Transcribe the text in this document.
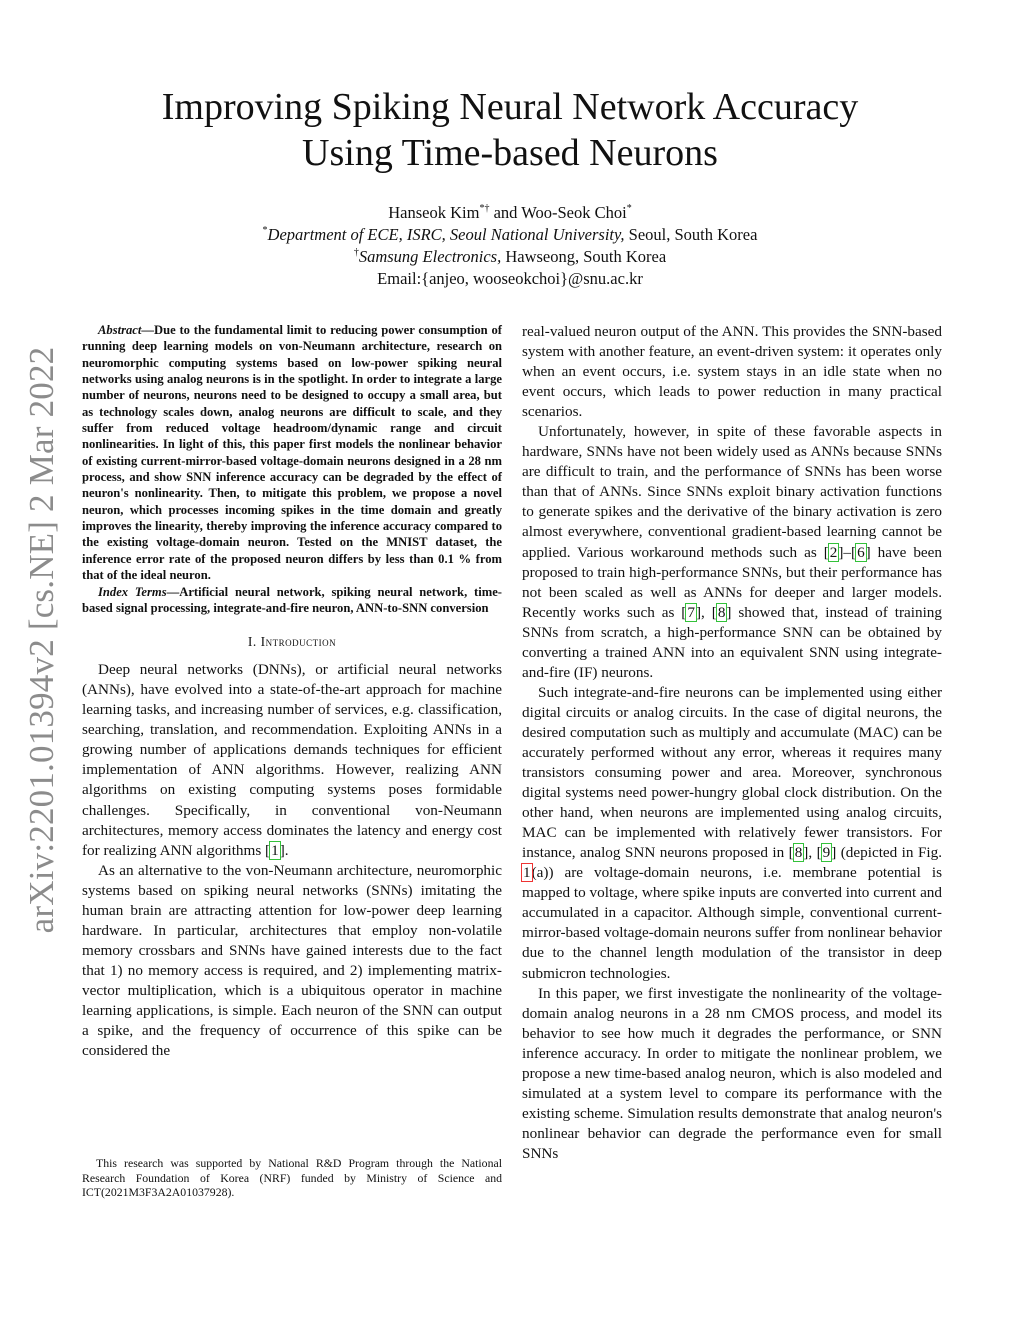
arXiv:2201.01394v2 [cs.NE] 2 Mar 2022
Improving Spiking Neural Network Accuracy
Using Time-based Neurons
Hanseok Kim*† and Woo-Seok Choi*
*Department of ECE, ISRC, Seoul National University, Seoul, South Korea
†Samsung Electronics, Hawseong, South Korea
Email:{anjeo, wooseokchoi}@snu.ac.kr

Abstract—Due to the fundamental limit to reducing power consumption of running deep learning models on von-Neumann architecture, research on neuromorphic computing systems based on low-power spiking neural networks using analog neurons is in the spotlight. In order to integrate a large number of neurons, neurons need to be designed to occupy a small area, but as technology scales down, analog neurons are difficult to scale, and they suffer from reduced voltage headroom/dynamic range and circuit nonlinearities. In light of this, this paper first models the nonlinear behavior of existing current-mirror-based voltage-domain neurons designed in a 28 nm process, and show SNN inference accuracy can be degraded by the effect of neuron's nonlinearity. Then, to mitigate this problem, we propose a novel neuron, which processes incoming spikes in the time domain and greatly improves the linearity, thereby improving the inference accuracy compared to the existing voltage-domain neuron. Tested on the MNIST dataset, the inference error rate of the proposed neuron differs by less than 0.1 % from that of the ideal neuron.

Index Terms—Artificial neural network, spiking neural network, time-based signal processing, integrate-and-fire neuron, ANN-to-SNN conversion

I. Introduction

Deep neural networks (DNNs), or artificial neural networks (ANNs), have evolved into a state-of-the-art approach for machine learning tasks, and increasing number of services, e.g. classification, searching, translation, and recommendation. Exploiting ANNs in a growing number of applications demands techniques for efficient implementation of ANN algorithms. However, realizing ANN algorithms on existing computing systems poses formidable challenges. Specifically, in conventional von-Neumann architectures, memory access dominates the latency and energy cost for realizing ANN algorithms [1].

As an alternative to the von-Neumann architecture, neuromorphic systems based on spiking neural networks (SNNs) imitating the human brain are attracting attention for low-power deep learning hardware. In particular, architectures that employ non-volatile memory crossbars and SNNs have gained interests due to the fact that 1) no memory access is required, and 2) implementing matrix-vector multiplication, which is a ubiquitous operator in machine learning applications, is simple. Each neuron of the SNN can output a spike, and the frequency of occurrence of this spike can be considered the

This research was supported by National R&D Program through the National Research Foundation of Korea (NRF) funded by Ministry of Science and ICT(2021M3F3A2A01037928).

real-valued neuron output of the ANN. This provides the SNN-based system with another feature, an event-driven system: it operates only when an event occurs, i.e. system stays in an idle state when no event occurs, which leads to power reduction in many practical scenarios.

Unfortunately, however, in spite of these favorable aspects in hardware, SNNs have not been widely used as ANNs because SNNs are difficult to train, and the performance of SNNs has been worse than that of ANNs. Since SNNs exploit binary activation functions to generate spikes and the derivative of the binary activation is zero almost everywhere, conventional gradient-based learning cannot be applied. Various workaround methods such as [2]–[6] have been proposed to train high-performance SNNs, but their performance has not been scaled as well as ANNs for deeper and larger models. Recently works such as [7], [8] showed that, instead of training SNNs from scratch, a high-performance SNN can be obtained by converting a trained ANN into an equivalent SNN using integrate-and-fire (IF) neurons.

Such integrate-and-fire neurons can be implemented using either digital circuits or analog circuits. In the case of digital neurons, the desired computation such as multiply and accumulate (MAC) can be accurately performed without any error, whereas it requires many transistors consuming power and area. Moreover, synchronous digital systems need power-hungry global clock distribution. On the other hand, when neurons are implemented using analog circuits, MAC can be implemented with relatively fewer transistors. For instance, analog SNN neurons proposed in [8], [9] (depicted in Fig. 1(a)) are voltage-domain neurons, i.e. membrane potential is mapped to voltage, where spike inputs are converted into current and accumulated in a capacitor. Although simple, conventional current-mirror-based voltage-domain neurons suffer from nonlinear behavior due to the channel length modulation of the transistor in deep submicron technologies.

In this paper, we first investigate the nonlinearity of the voltage-domain analog neurons in a 28 nm CMOS process, and model its behavior to see how much it degrades the performance, or SNN inference accuracy. In order to mitigate the nonlinear problem, we propose a new time-based analog neuron, which is also modeled and simulated at a system level to compare its performance with the existing scheme. Simulation results demonstrate that analog neuron's nonlinear behavior can degrade the performance even for small SNNs
